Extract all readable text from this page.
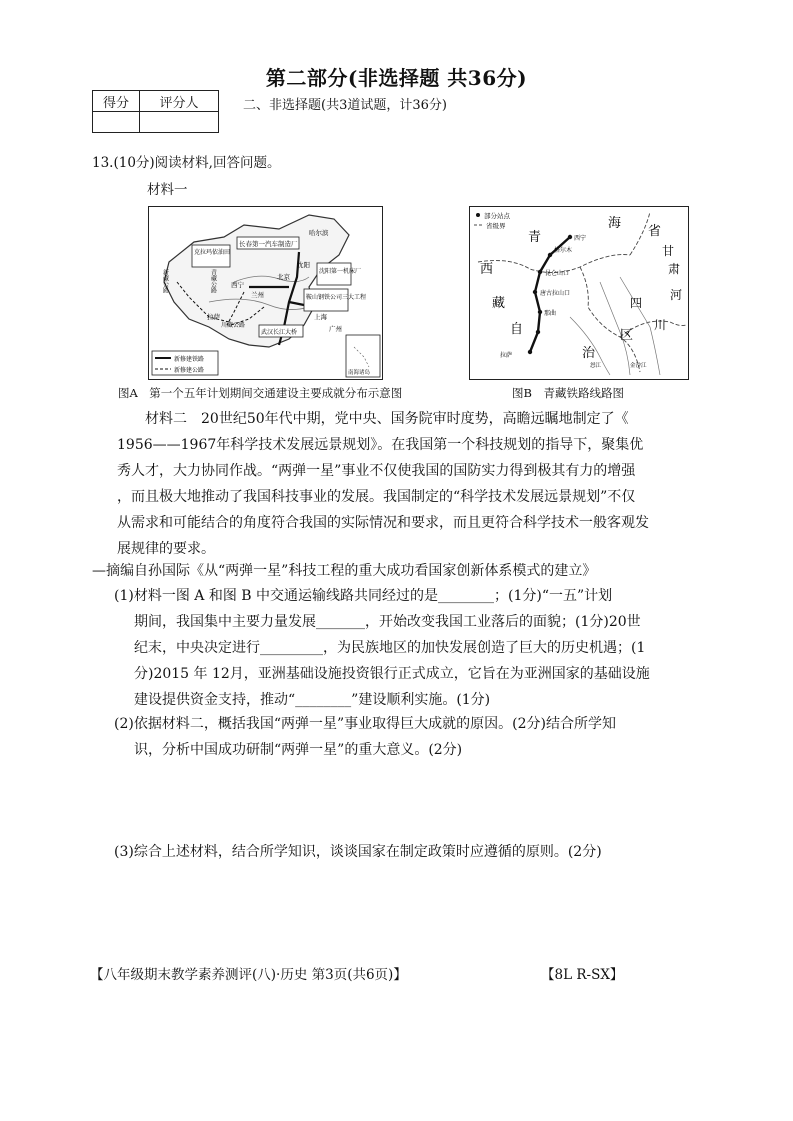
第二部分(非选择题 共36分)
得分	评分人
		二、非选择题(共3道试题，计36分)
13.(10分)阅读材料,回答问题。
材料一
克拉玛依油田
长春第一汽车制造厂
沈阳第一机床厂
鞍山钢铁公司三大工程
武汉长江大桥
哈尔滨
沈阳
北京
上海
广州
兰州
西宁
拉萨
新藏公路	青藏公路
川藏公路
新修建铁路
新修建公路	南海诸岛
图A　第一个五年计划期间交通建设主要成就分布示意图
部分站点
省级界
西宁
格尔木
昆仑山口
唐古拉山口
那曲
拉萨
金沙江
怒江
青
海
省
甘
肃
西
藏
自
治
区
四
川
河
图B　青藏铁路线路图
材料二　20世纪50年代中期，党中央、国务院审时度势，高瞻远瞩地制定了《
1956——1967年科学技术发展远景规划》。在我国第一个科技规划的指导下，聚集优
秀人才，大力协同作战。“两弹一星”事业不仅使我国的国防实力得到极其有力的增强
，而且极大地推动了我国科技事业的发展。我国制定的“科学技术发展远景规划”不仅
从需求和可能结合的角度符合我国的实际情况和要求，而且更符合科学技术一般客观发
展规律的要求。
—摘编自孙国际《从“两弹一星”科技工程的重大成功看国家创新体系模式的建立》
(1)材料一图 A 和图 B 中交通运输线路共同经过的是________；(1分)“一五”计划
期间，我国集中主要力量发展_______，开始改变我国工业落后的面貌；(1分)20世
纪末，中央决定进行_________，为民族地区的加快发展创造了巨大的历史机遇；(1
分)2015 年 12月，亚洲基础设施投资银行正式成立，它旨在为亚洲国家的基础设施
建设提供资金支持，推动“________”建设顺利实施。(1分)
(2)依据材料二，概括我国“两弹一星”事业取得巨大成就的原因。(2分)结合所学知
识，分析中国成功研制“两弹一星”的重大意义。(2分)
(3)综合上述材料，结合所学知识，谈谈国家在制定政策时应遵循的原则。(2分)
【八年级期末教学素养测评(八)·历史 第3页(共6页)】	【8L R-SX】
